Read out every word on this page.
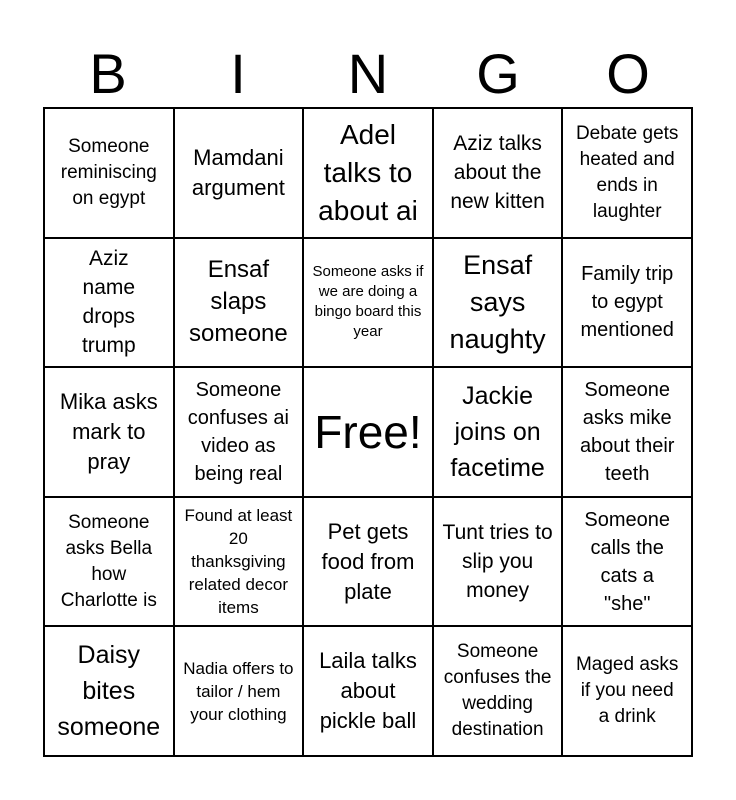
B	I	N	G	O
Someone reminiscing on egypt
Mamdani argument
Adel talks to about ai
Aziz talks about the new kitten
Debate gets heated and ends in laughter
Aziz name drops trump
Ensaf slaps someone
Someone asks if we are doing a bingo board this year
Ensaf says naughty
Family trip to egypt mentioned
Mika asks mark to pray
Someone confuses ai video as being real
Free!
Jackie joins on facetime
Someone asks mike about their teeth
Someone asks Bella how Charlotte is
Found at least 20 thanksgiving related decor items
Pet gets food from plate
Tunt tries to slip you money
Someone calls the cats a "she"
Daisy bites someone
Nadia offers to tailor / hem your clothing
Laila talks about pickle ball
Someone confuses the wedding destination
Maged asks if you need a drink
